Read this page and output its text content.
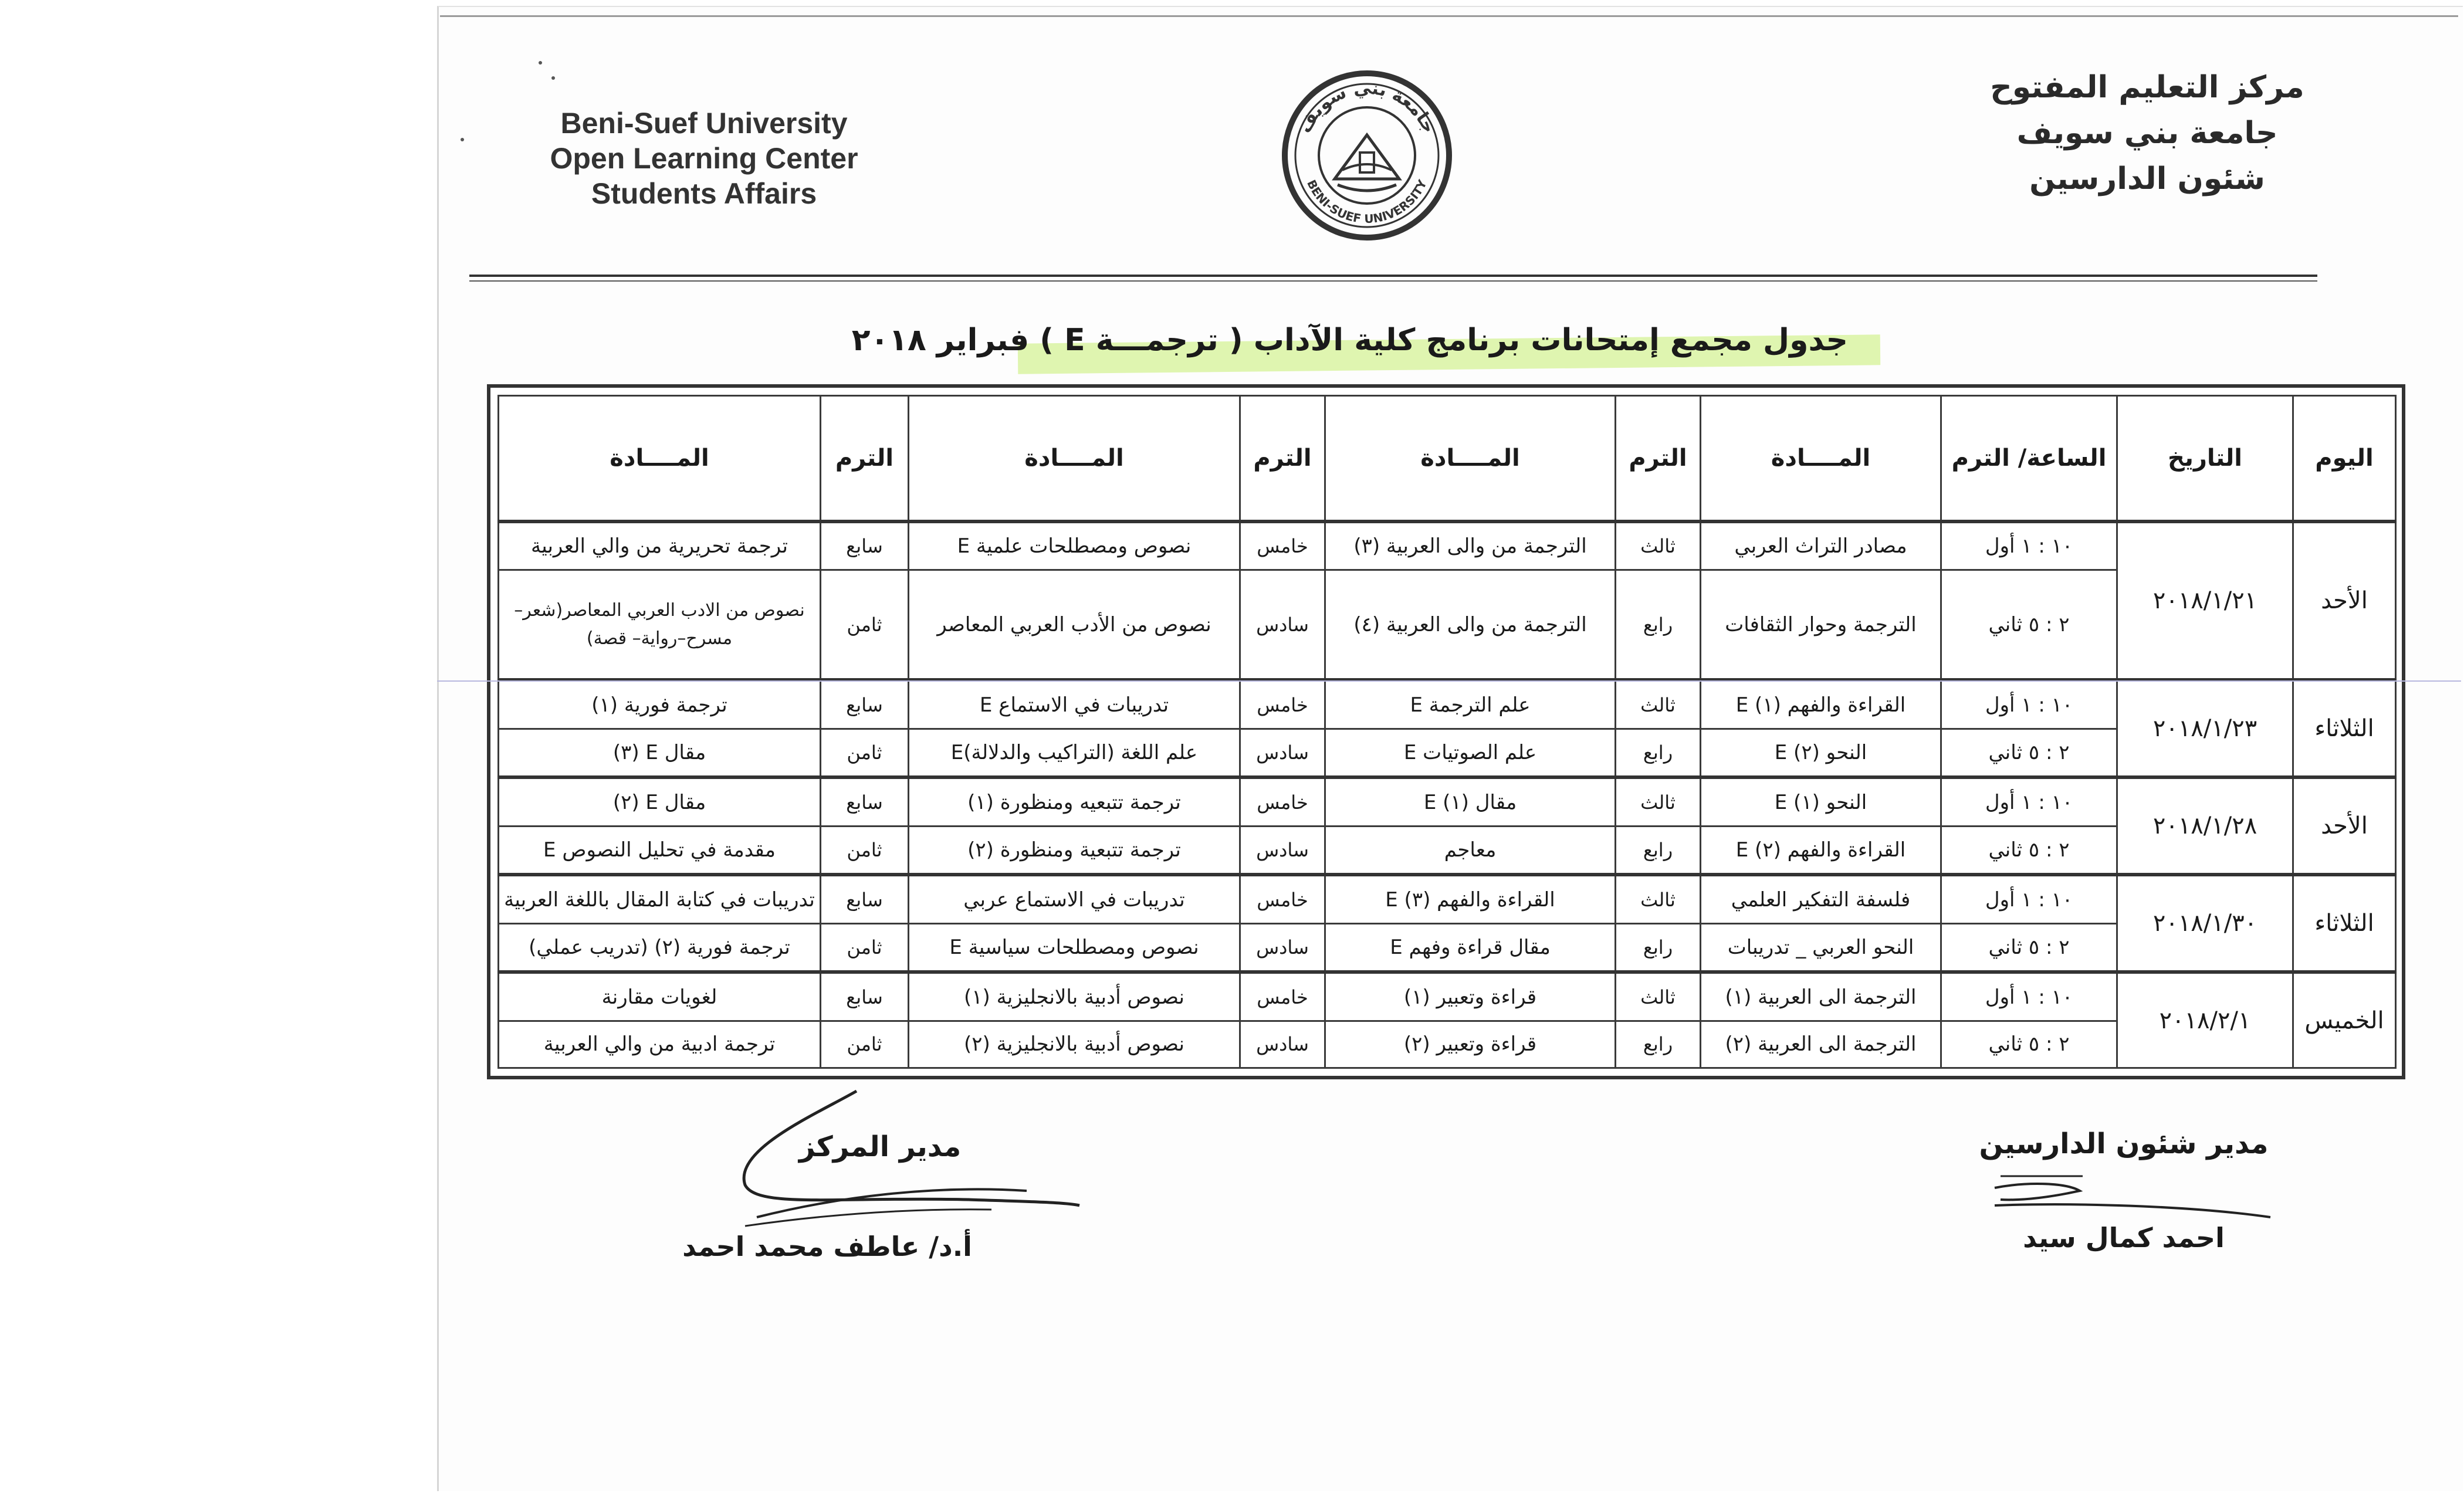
Beni-Suef University
Open Learning Center
Students Affairs
جامعة بني سويف
BENI-SUEF UNIVERSITY
مركز التعليم المفتوح
جامعة بني سويف
شئون الدارسين
جدول مجمع إمتحانات برنامج كلية الآداب ( ترجمـــة E ) فبراير ٢٠١٨
اليوم	التاريخ	الساعة/ الترم	المــــادة	الترم	المــــادة	الترم	المــــادة	الترم	المــــادة
الأحد	٢٠١٨/١/٢١	١٠ : ١ أول	مصادر التراث العربي	ثالث	الترجمة من والى العربية (٣)	خامس	نصوص ومصطلحات علمية E	سابع	ترجمة تحريرية من والي العربية
		٢ : ٥ ثاني	الترجمة وحوار الثقافات	رابع	الترجمة من والى العربية (٤)	سادس	نصوص من الأدب العربي المعاصر	ثامن	نصوص من الادب العربي المعاصر(شعر–مسرح–رواية– قصة)
الثلاثاء	٢٠١٨/١/٢٣	١٠ : ١ أول	القراءة والفهم (١) E	ثالث	علم الترجمة E	خامس	تدريبات في الاستماع E	سابع	ترجمة فورية (١)
		٢ : ٥ ثاني	النحو (٢) E	رابع	علم الصوتيات E	سادس	علم اللغة (التراكيب والدلالة)E	ثامن	مقال E (٣)
الأحد	٢٠١٨/١/٢٨	١٠ : ١ أول	النحو (١) E	ثالث	مقال (١) E	خامس	ترجمة تتبعيه ومنظورة (١)	سابع	مقال E (٢)
		٢ : ٥ ثاني	القراءة والفهم (٢) E	رابع	معاجم	سادس	ترجمة تتبعية ومنظورة (٢)	ثامن	مقدمة في تحليل النصوص E
الثلاثاء	٢٠١٨/١/٣٠	١٠ : ١ أول	فلسفة التفكير العلمي	ثالث	القراءة والفهم (٣) E	خامس	تدريبات في الاستماع عربي	سابع	تدريبات في كتابة المقال باللغة العربية
		٢ : ٥ ثاني	النحو العربي _ تدريبات	رابع	مقال قراءة وفهم E	سادس	نصوص ومصطلحات سياسية E	ثامن	ترجمة فورية (٢) (تدريب عملي)
الخميس	٢٠١٨/٢/١	١٠ : ١ أول	الترجمة الى العربية (١)	ثالث	قراءة وتعبير (١)	خامس	نصوص أدبية بالانجليزية (١)	سابع	لغويات مقارنة
		٢ : ٥ ثاني	الترجمة الى العربية (٢)	رابع	قراءة وتعبير (٢)	سادس	نصوص أدبية بالانجليزية (٢)	ثامن	ترجمة ادبية من والي العربية
مدير المركز
أ.د/ عاطف محمد احمد
مدير شئون الدارسين
احمد كمال سيد
